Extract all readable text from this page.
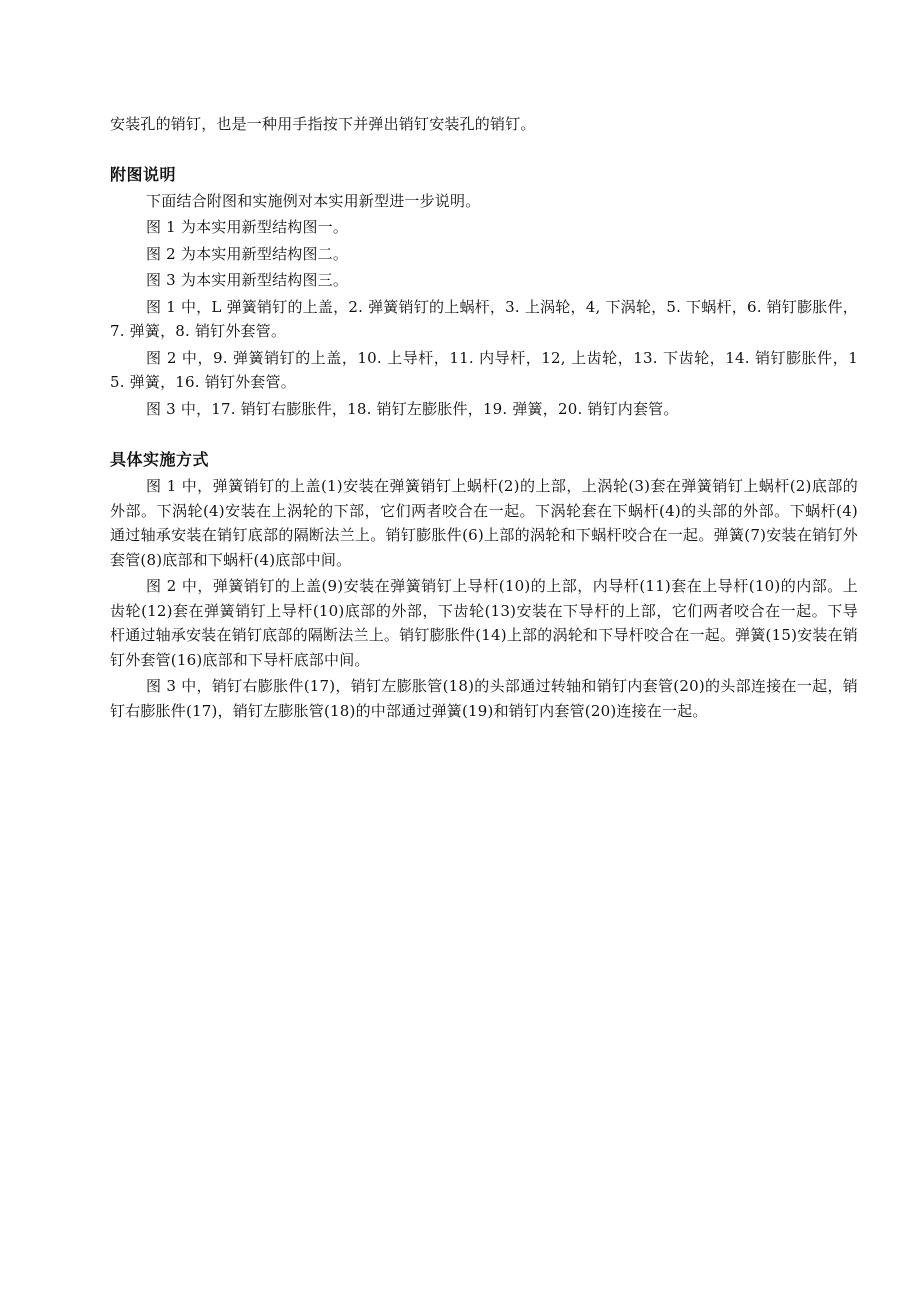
安装孔的销钉，也是一种用手指按下并弹出销钉安装孔的销钉。

附图说明

下面结合附图和实施例对本实用新型进一步说明。

图 1 为本实用新型结构图一。

图 2 为本实用新型结构图二。

图 3 为本实用新型结构图三。

图 1 中，L 弹簧销钉的上盖，2. 弹簧销钉的上蜗杆，3. 上涡轮，4, 下涡轮，5. 下蜗杆，6. 销钉膨胀件，7. 弹簧，8. 销钉外套管。

图 2 中，9. 弹簧销钉的上盖，10. 上导杆，11. 内导杆，12, 上齿轮，13. 下齿轮，14. 销钉膨胀件，15. 弹簧，16. 销钉外套管。

图 3 中，17. 销钉右膨胀件，18. 销钉左膨胀件，19. 弹簧，20. 销钉内套管。

具体实施方式

图 1 中，弹簧销钉的上盖(1)安装在弹簧销钉上蜗杆(2)的上部，上涡轮(3)套在弹簧销钉上蜗杆(2)底部的外部。下涡轮(4)安装在上涡轮的下部，它们两者咬合在一起。下涡轮套在下蜗杆(4)的头部的外部。下蜗杆(4)通过轴承安装在销钉底部的隔断法兰上。销钉膨胀件(6)上部的涡轮和下蜗杆咬合在一起。弹簧(7)安装在销钉外套管(8)底部和下蜗杆(4)底部中间。

图 2 中，弹簧销钉的上盖(9)安装在弹簧销钉上导杆(10)的上部，内导杆(11)套在上导杆(10)的内部。上齿轮(12)套在弹簧销钉上导杆(10)底部的外部，下齿轮(13)安装在下导杆的上部，它们两者咬合在一起。下导杆通过轴承安装在销钉底部的隔断法兰上。销钉膨胀件(14)上部的涡轮和下导杆咬合在一起。弹簧(15)安装在销钉外套管(16)底部和下导杆底部中间。

图 3 中，销钉右膨胀件(17)，销钉左膨胀管(18)的头部通过转轴和销钉内套管(20)的头部连接在一起，销钉右膨胀件(17)，销钉左膨胀管(18)的中部通过弹簧(19)和销钉内套管(20)连接在一起。
